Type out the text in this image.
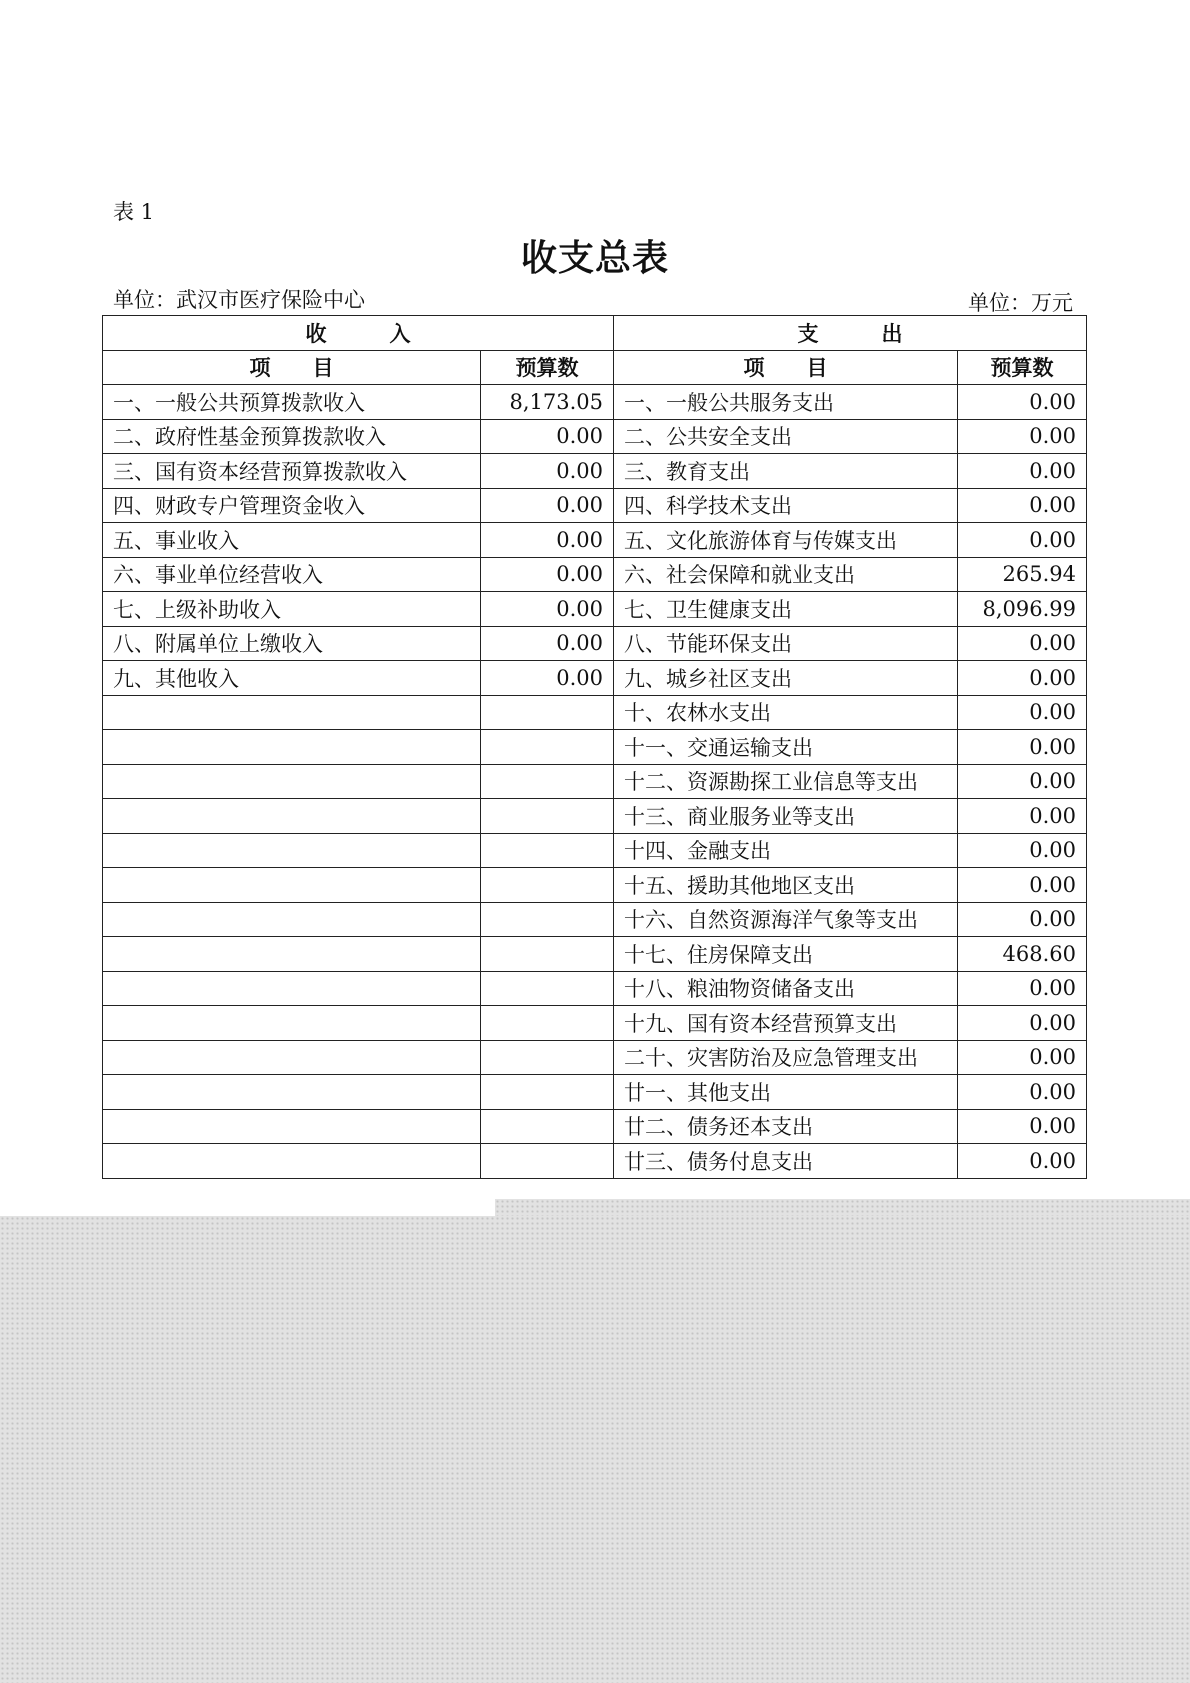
表 1
收支总表
单位：武汉市医疗保险中心	单位：万元
收　　　入		支　　　出	
项　　目	预算数	项　　目	预算数
一、一般公共预算拨款收入	8,173.05	一、一般公共服务支出	0.00
二、政府性基金预算拨款收入	0.00	二、公共安全支出	0.00
三、国有资本经营预算拨款收入	0.00	三、教育支出	0.00
四、财政专户管理资金收入	0.00	四、科学技术支出	0.00
五、事业收入	0.00	五、文化旅游体育与传媒支出	0.00
六、事业单位经营收入	0.00	六、社会保障和就业支出	265.94
七、上级补助收入	0.00	七、卫生健康支出	8,096.99
八、附属单位上缴收入	0.00	八、节能环保支出	0.00
九、其他收入	0.00	九、城乡社区支出	0.00
		十、农林水支出	0.00
		十一、交通运输支出	0.00
		十二、资源勘探工业信息等支出	0.00
		十三、商业服务业等支出	0.00
		十四、金融支出	0.00
		十五、援助其他地区支出	0.00
		十六、自然资源海洋气象等支出	0.00
		十七、住房保障支出	468.60
		十八、粮油物资储备支出	0.00
		十九、国有资本经营预算支出	0.00
		二十、灾害防治及应急管理支出	0.00
		廿一、其他支出	0.00
		廿二、债务还本支出	0.00
		廿三、债务付息支出	0.00
